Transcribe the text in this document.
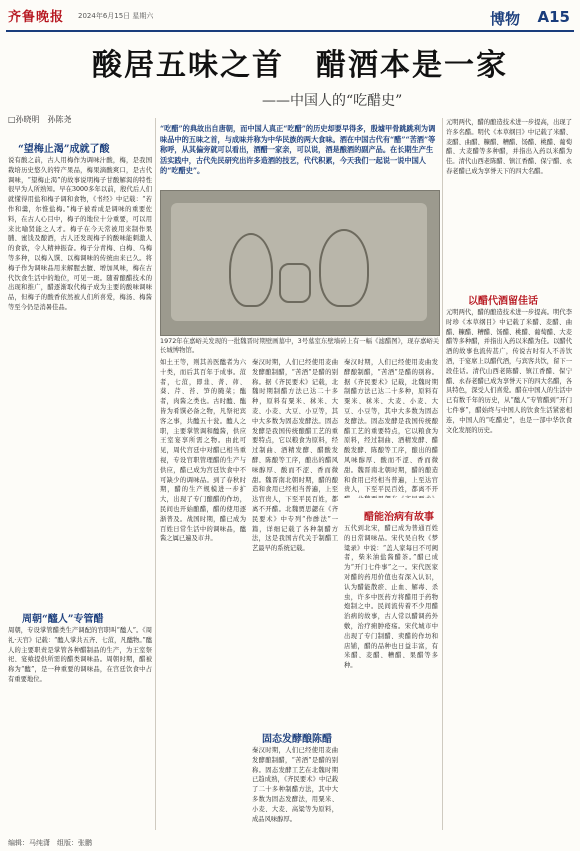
齐鲁晚报 2024年6月15日 星期六	博物 A15
酸居五味之首　醋酒本是一家
——中国人的“吃醋史”
□孙晓明　孙陈尧
“吃醋”的典故出自唐朝，而中国人真正“吃醋”的历史却要早得多，殷墟甲骨跳跳利为调味品中的五味之首，与成味并称为中华民族的两大食味。酒在中国古代有“醋”“苦酒”等称呼，从其偏旁就可以看出，酒醋一家亲，可以说，酒是酿酒的副产品。在长期生产生活实践中，古代先民研究出许多造酒的技艺，代代积累，今天我们一起说一说中国人的“吃醋史”。
1972年在嘉峪关发现的一批魏晋时期壁画墓中，3号墓室东壁墙砖上有一幅《滤醋图》，现存嘉峪关长城博物馆。
“望梅止渴”成就了酸
说有酸之前，古人用梅作为调味汁酸，梅，是我国栽培历史悠久的特产果品，梅果滴酸爽口，是古代调味，“望梅止渴”的故事说明梅子甘酸解渴的特性很早为人所熟知。早在3000多年以前，殷代后人们就懂得用盐和梅子调和食物，《书经》中记载：“若作和羹，尔惟盐梅。”梅子被看成是调味的重要佐料，在古人心目中，梅子的地位十分重要，可以用来比喻贤能之人才。梅子在今天常被用来制作果脯、蜜饯及酿酒，古人还发现梅子的酸味能刺激人的食欲，令人精神振奋。梅子分青梅、白梅、乌梅等多种，以梅入馔、以梅调味的传统由来已久。将梅子作为调味品用来解腥去膻、增加风味，梅在古代饮食生活中的地位，可见一斑。随着酿醋技术的出现和推广，醋逐渐取代梅子成为主要的酸味调味品，但梅子的酸香依然被人们所喜爱，梅汤、梅酱等至今仍是消暑佳品。
周朝“醯人”专管醋
周朝，专设掌管醋类生产调配的官职叫“醯人”。《周礼·天官》记载：“醯人掌共五齐、七菹，凡醯物。”醯人的主要职责是掌管各种醋制品的生产，为王室祭祀、宴飨提供所需的醋类调味品。周朝时期，醋被称为“醯”，是一种重要的调味品，在宫廷饮食中占有重要地位。
如土王等，则其善医醯者为六十类，而后其百年于成事。菹者，七菹，即韭、菁、茆、葵、芹、苔、笋的腌菜；醢者，肉酱之类也。古时醯、醢皆为肴馔必备之物，凡祭祀宾客之事，共醯五十瓮。醯人之职，主要掌管调和醯酱，供应王室宴享所需之物。由此可见，周代宫廷中对醋已相当重视，专设官职管理醋的生产与供应，醋已成为宫廷饮食中不可缺少的调味品。到了春秋时期，醋的生产规模进一步扩大，出现了专门酿醋的作坊，民间也开始酿醋，醋的使用逐渐普及。战国时期，醋已成为百姓日常生活中的调味品，醯酱之属已遍及市井。
秦汉时期，人们已经使用麦曲发酵酿制醋，“苦酒”是醋的别称。据《齐民要术》记载，北魏时期制醋方法已达二十多种，原料有粟米、秫米、大麦、小麦、大豆、小豆等，其中大多数为固态发酵法。固态发酵是我国传统酿醋工艺的重要特点，它以粮食为原料，经过制曲、酒精发酵、醋酸发酵、陈酿等工序，酿出的醋风味醇厚、酸而不涩、香而微甜。魏晋南北朝时期，醋的酿造和食用已经相当普遍，上至达官贵人，下至平民百姓，都离不开醋。北魏贾思勰在《齐民要术》中专列“作酢法”一篇，详细记载了各种制醋方法，这是我国古代关于制醋工艺最早的系统记载。
固态发酵酿陈醋
秦汉时期，人们已经使用麦曲发酵酿制醋，“苦酒”是醋的别称。固态发酵工艺在北魏时期已趋成熟，《齐民要术》中记载了二十多种制醋方法，其中大多数为固态发酵法，用粟米、小麦、大麦、高粱等为原料，成品风味醇厚。
秦汉时期，人们已经使用麦曲发酵酿制醋，“苦酒”是醋的别称。据《齐民要术》记载，北魏时期制醋方法已达二十多种，原料有粟米、秫米、大麦、小麦、大豆、小豆等，其中大多数为固态发酵法。固态发酵是我国传统酿醋工艺的重要特点，它以粮食为原料，经过制曲、酒精发酵、醋酸发酵、陈酿等工序，酿出的醋风味醇厚、酸而不涩、香而微甜。魏晋南北朝时期，醋的酿造和食用已经相当普遍，上至达官贵人，下至平民百姓，都离不开
醋能治病有故事
五代到北宋，醋已成为普通百姓的日常调味品。宋代吴自牧《梦粱录》中说：“盖人家每日不可阙者，柴米油盐酱醋茶。”醋已成为“开门七件事”之一。宋代医家对醋的药用价值也有深入认识，认为醋能散瘀、止血、解毒、杀虫，许多中医药方将醋用于药物炮制之中。民间流传着不少用醋治病的故事，古人常以醋调药外敷，治疗痈肿疮疡。宋代城市中出现了专门制醋、卖醋的作坊和店铺，醋的品种也日益丰富，有米醋、麦醋、糟醋、果醋等多种。
元明两代，醋的酿造技术进一步提高，出现了许多名醋。明代《本草纲目》中记载了米醋、麦醋、曲醋、糠醋、糟醋、饧醋、桃醋、葡萄醋、大麦醋等多种醋，并指出入药以米醋为佳。清代山西老陈醋、镇江香醋、保宁醋、永春老醋已成为享誉天下的四大名醋。
以醋代酒留佳话
元明两代，醋的酿造技术进一步提高。明代李时珍《本草纲目》中记载了米醋、麦醋、曲醋、糠醋、糟醋、饧醋、桃醋、葡萄醋、大麦醋等多种醋，并指出入药以米醋为佳。以醋代酒的故事也流传甚广，传说古时有人不善饮酒，于宴席上以醋代酒，与宾客共饮，留下一段佳话。清代山西老陈醋、镇江香醋、保宁醋、永春老醋已成为享誉天下的四大名醋，各具特色，深受人们喜爱。醋在中国人的生活中已有数千年的历史，从“醯人”专管醋到“开门七件事”，醋始终与中国人的饮食生活紧密相连，中国人的“吃醋史”，也是一部中华饮食文化发展的历史。
编辑：马纯潇　组版：张鹏
